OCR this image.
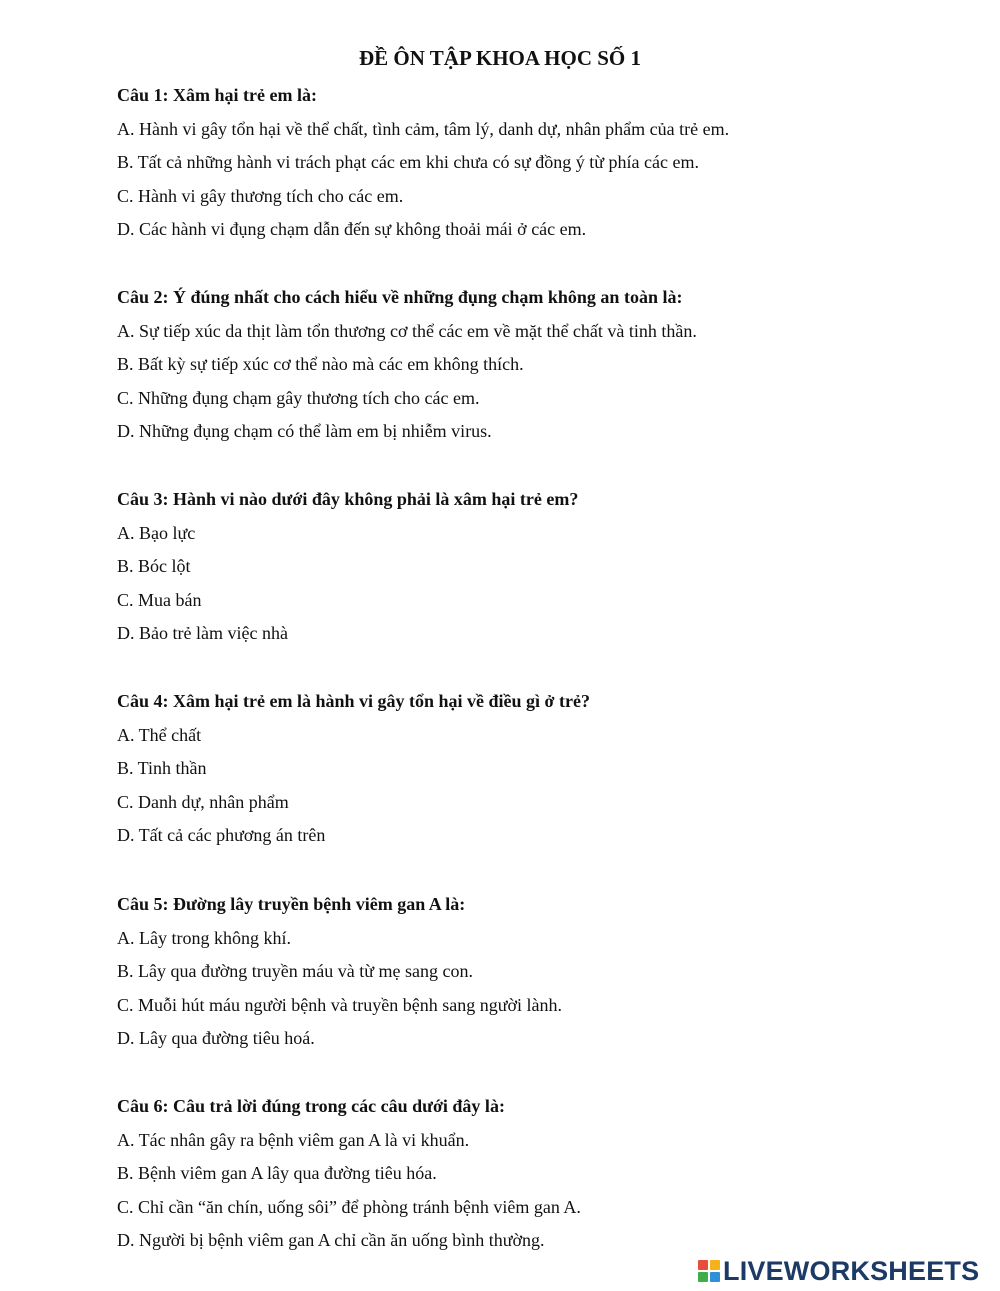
ĐỀ ÔN TẬP KHOA HỌC SỐ 1
Câu 1: Xâm hại trẻ em là:
A. Hành vi gây tổn hại về thể chất, tình cảm, tâm lý, danh dự, nhân phẩm của trẻ em.
B. Tất cả những hành vi trách phạt các em khi chưa có sự đồng ý từ phía các em.
C. Hành vi gây thương tích cho các em.
D. Các hành vi đụng chạm dẫn đến sự không thoải mái ở các em.
Câu 2: Ý đúng nhất cho cách hiểu về những đụng chạm không an toàn là:
A. Sự tiếp xúc da thịt làm tổn thương cơ thể các em về mặt thể chất và tinh thần.
B. Bất kỳ sự tiếp xúc cơ thể nào mà các em không thích.
C. Những đụng chạm gây thương tích cho các em.
D. Những đụng chạm có thể làm em bị nhiễm virus.
Câu 3: Hành vi nào dưới đây không phải là xâm hại trẻ em?
A. Bạo lực
B. Bóc lột
C. Mua bán
D. Bảo trẻ làm việc nhà
Câu 4: Xâm hại trẻ em là hành vi gây tổn hại về điều gì ở trẻ?
A. Thể chất
B. Tinh thần
C. Danh dự, nhân phẩm
D. Tất cả các phương án trên
Câu 5: Đường lây truyền bệnh viêm gan A là:
A. Lây trong không khí.
B. Lây qua đường truyền máu và từ mẹ sang con.
C. Muỗi hút máu người bệnh và truyền bệnh sang người lành.
D. Lây qua đường tiêu hoá.
Câu 6: Câu trả lời đúng trong các câu dưới đây là:
A. Tác nhân gây ra bệnh viêm gan A là vi khuẩn.
B. Bệnh viêm gan A lây qua đường tiêu hóa.
C. Chỉ cần “ăn chín, uống sôi” để phòng tránh bệnh viêm gan A.
D. Người bị bệnh viêm gan A chỉ cần ăn uống bình thường.
LIVEWORKSHEETS
